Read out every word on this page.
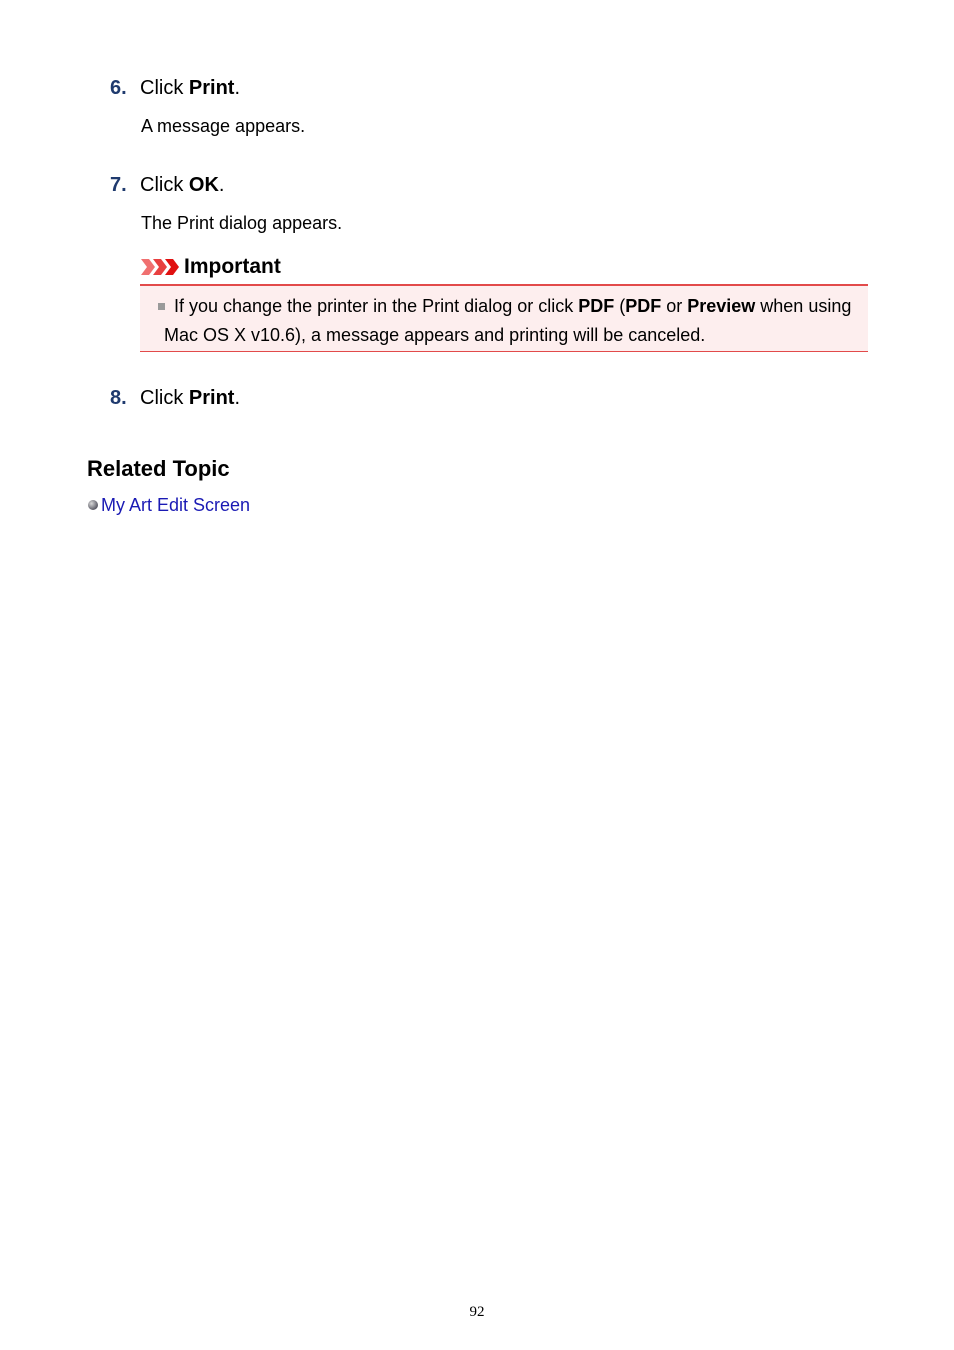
6. Click Print.
A message appears.
7. Click OK.
The Print dialog appears.
Important
If you change the printer in the Print dialog or click PDF (PDF or Preview when using Mac OS X v10.6), a message appears and printing will be canceled.
8. Click Print.
Related Topic
My Art Edit Screen
92
